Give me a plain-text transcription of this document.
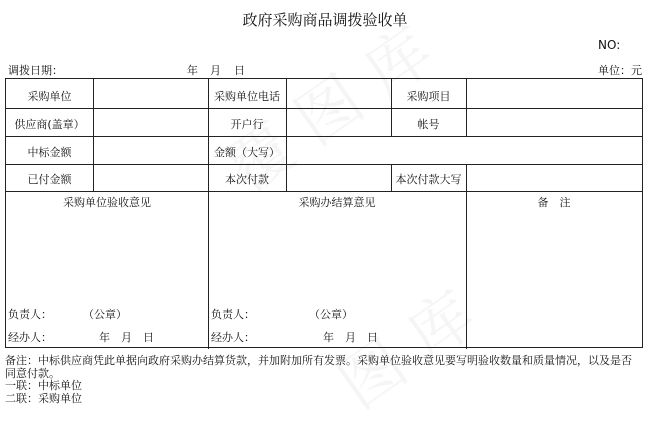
政府采购商品调拨验收单
NO:
调拨日期：	年 月 日	单位：元
采购单位	采购单位电话	采购项目
供应商(盖章）	开户行	帐号
中标金额	金额（大写）
已付金额	本次付款	本次付款大写
采购单位验收意见	采购办结算意见	备　注
负责人：	（公章）
经办人：	年 月 日
负责人：	（公章）
经办人：	年 月 日
备注：中标供应商凭此单据向政府采购办结算货款，并加附加所有发票。采购单位验收意见要写明验收数量和质量情况，以及是否同意付款。
一联：中标单位
二联：采购单位
